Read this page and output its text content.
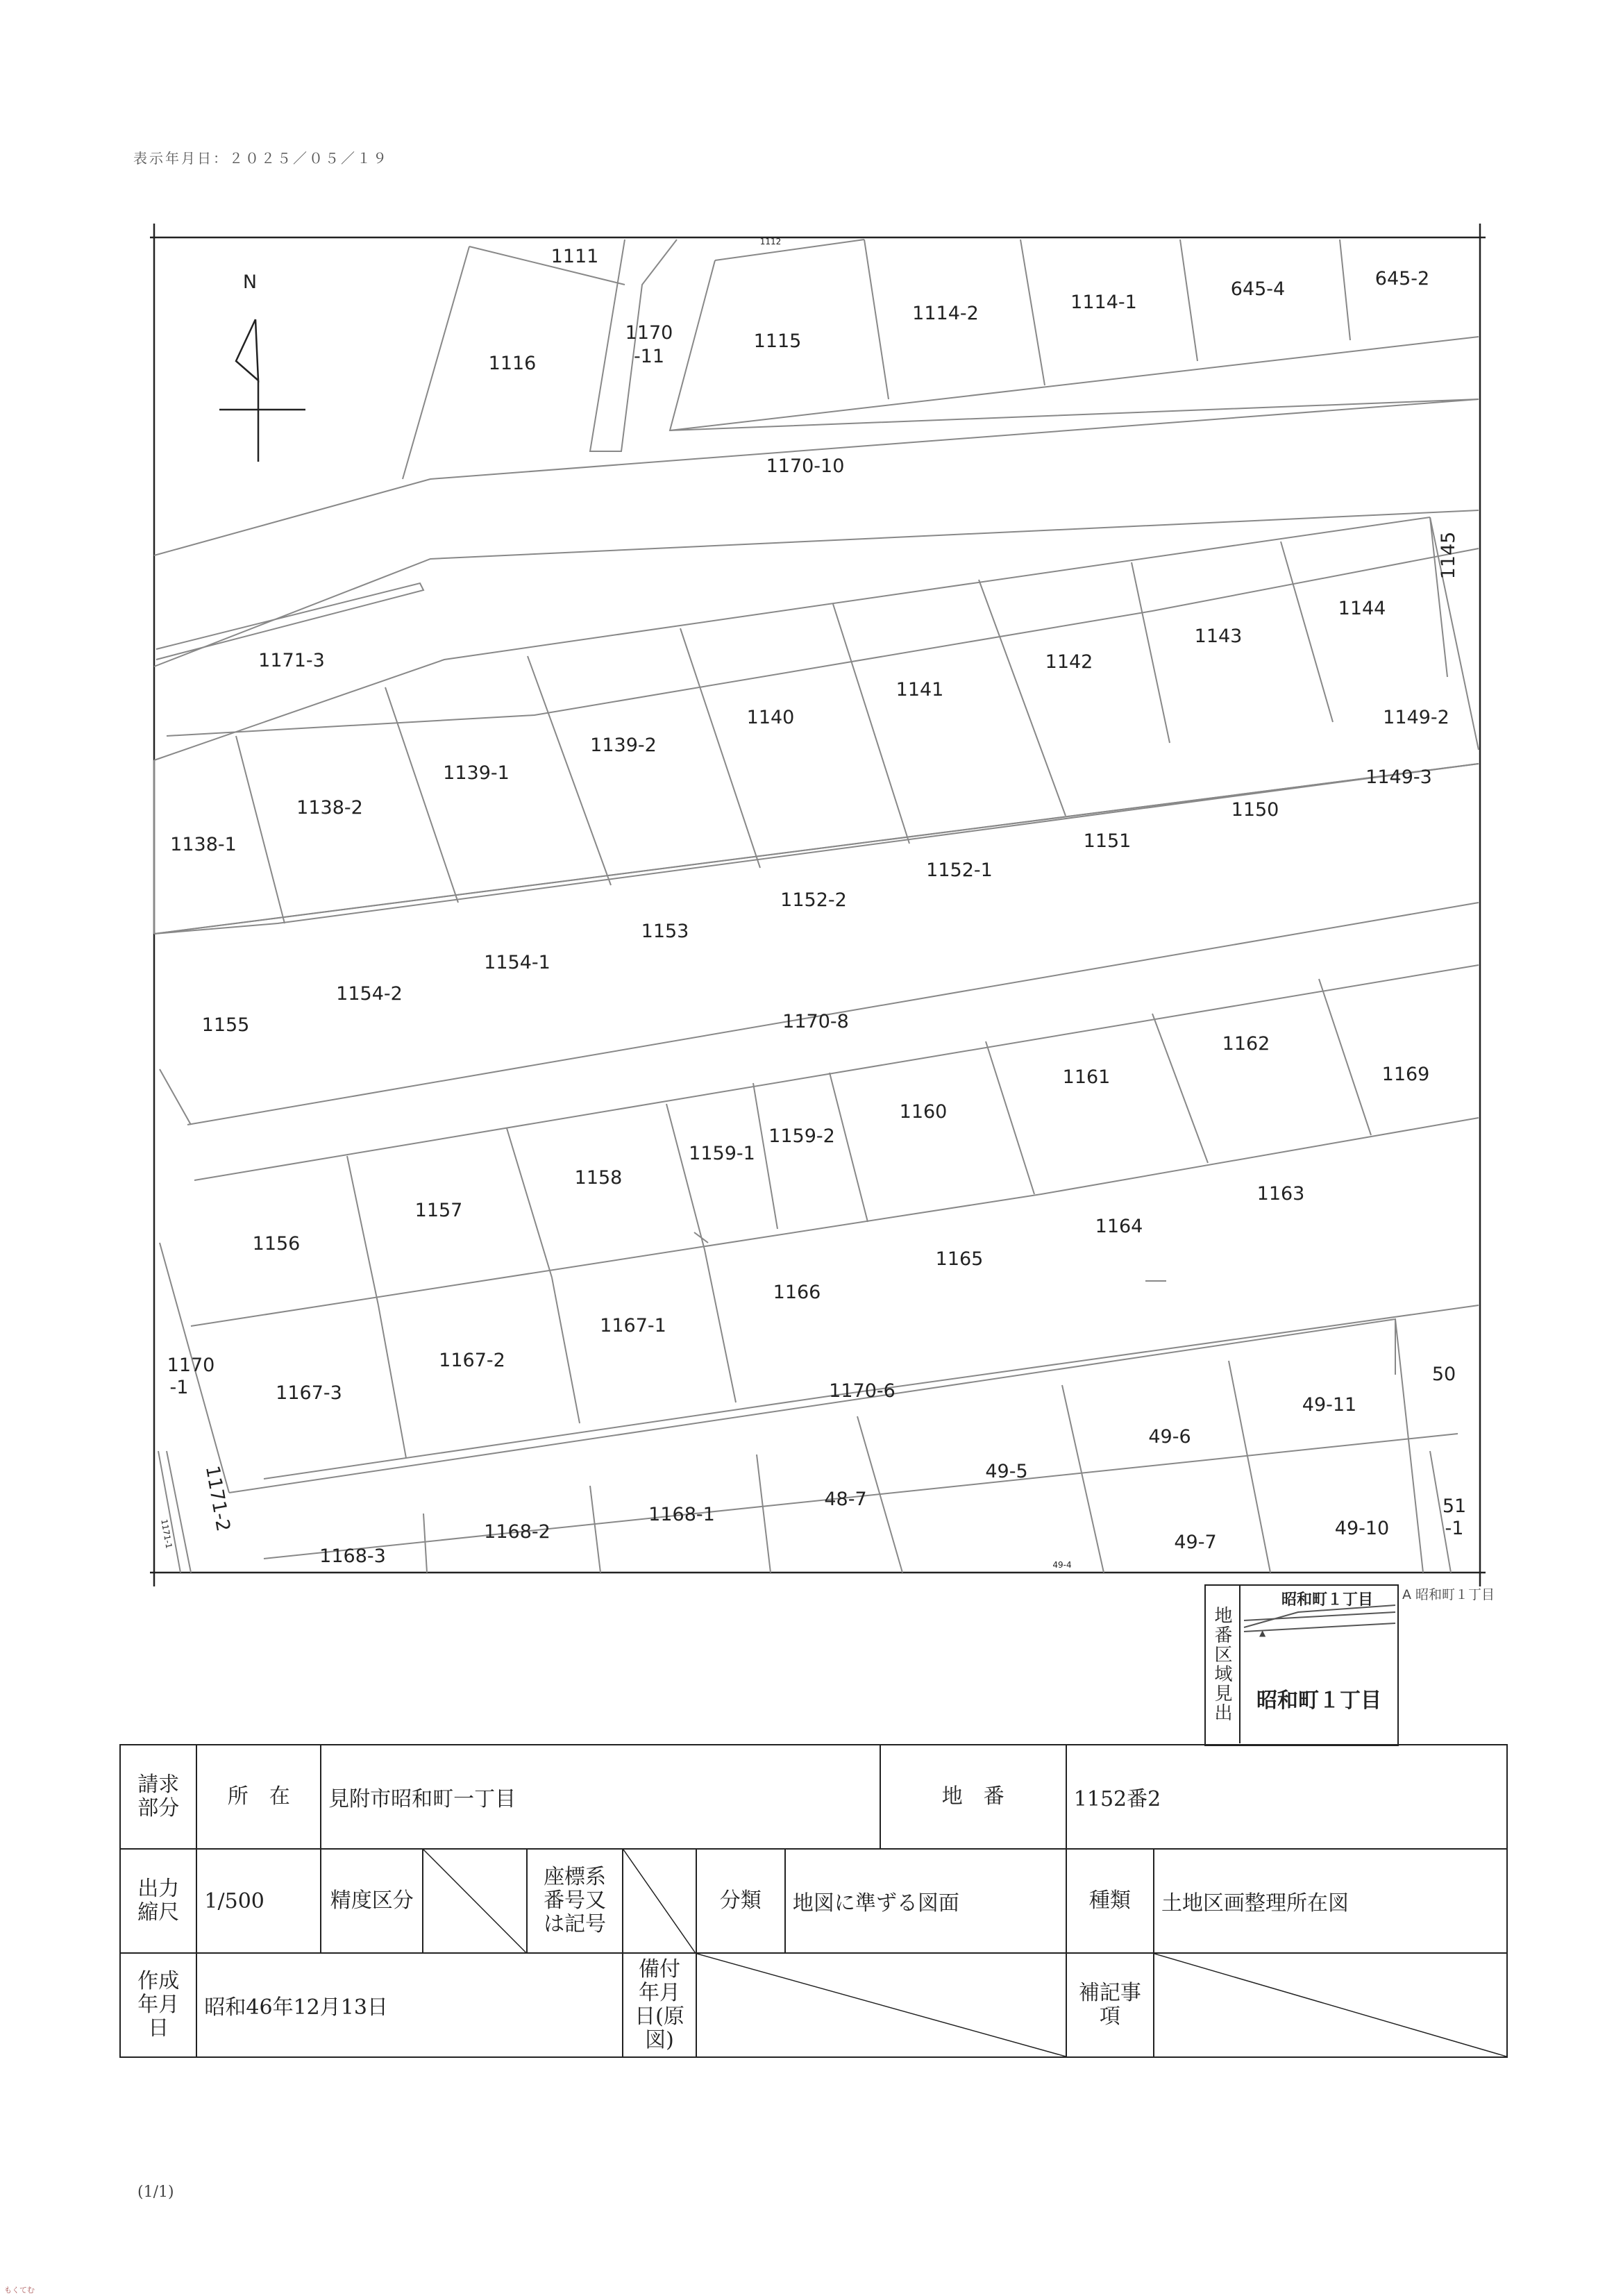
表示年月日：２０２５／０５／１９
N
1111
1112
1116
1170
-11
1115
1114-2
1114-1
645-4	645-2
1170-10
1145
1171-3
1144
1143
1142
1141
1140
1139-2
1139-1
1149-2
1149-3
1138-2
1138-1
1150
1151
1152-1
1152-2
1153
1154-1
1154-2
1155	1170-8
1162
1169
1161
1160
1159-2
1159-1
1158
1157
1156
1163
1164
1165
1166
1167-1
1167-2
1167-3
1170
-1	1170-6
50
49-11
49-6
49-5
48-7
1168-1
1168-2
1168-3
1171-2
1171-1	49-7
49-10
49-4
51
-1
地番区域見出	▲
昭和町１丁目
昭和町１丁目
A 昭和町１丁目
請求部分	所　在	見附市昭和町一丁目						地　番	1152番2	
出力縮尺	1/500	精度区分		座標系番号又は記号		分類	地図に準ずる図面		種類	土地区画整理所在図
作成年月日	昭和46年12月13日				備付年月日(原図)				補記事項	
(1/1)
もくてむ
